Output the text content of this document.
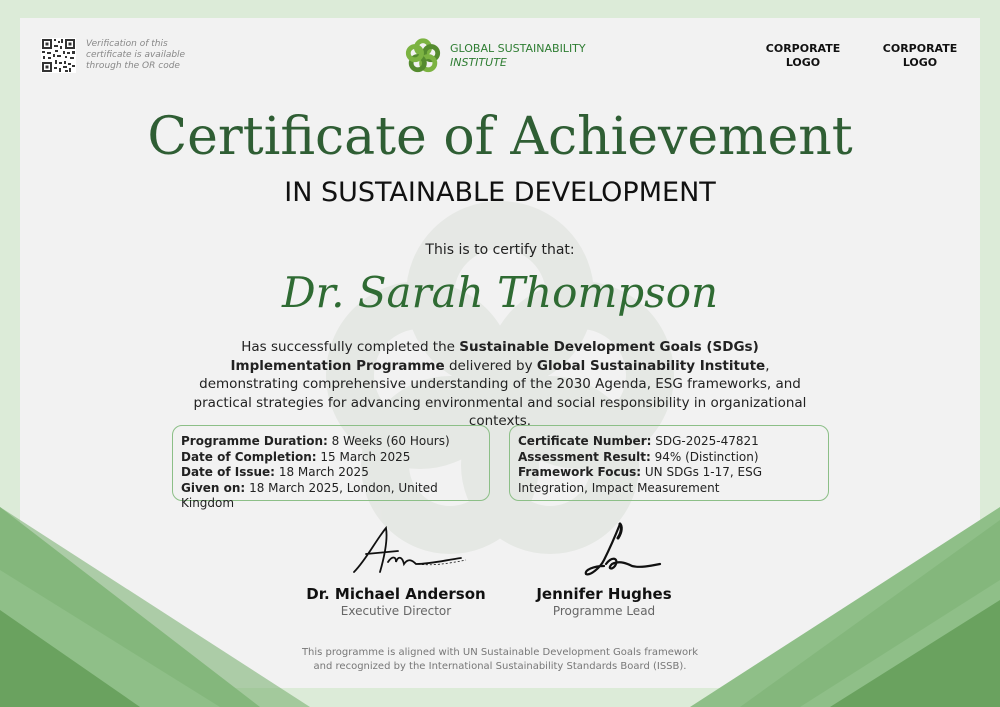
Verification of this certificate is available through the OR code
GLOBAL SUSTAINABILITY
INSTITUTE
CORPORATE
LOGO
CORPORATE
LOGO
Certificate of Achievement
IN SUSTAINABLE DEVELOPMENT
This is to certify that:
Dr. Sarah Thompson
Has successfully completed the Sustainable Development Goals (SDGs) Implementation Programme delivered by Global Sustainability Institute, demonstrating comprehensive understanding of the 2030 Agenda, ESG frameworks, and practical strategies for advancing environmental and social responsibility in organizational contexts.
Programme Duration: 8 Weeks (60 Hours)
Date of Completion: 15 March 2025
Date of Issue: 18 March 2025
Given on: 18 March 2025, London, United Kingdom
Certificate Number: SDG-2025-47821
Assessment Result: 94% (Distinction)
Framework Focus: UN SDGs 1-17, ESG Integration, Impact Measurement
Dr. Michael Anderson
Executive Director
Jennifer Hughes
Programme Lead
This programme is aligned with UN Sustainable Development Goals framework
and recognized by the International Sustainability Standards Board (ISSB).
